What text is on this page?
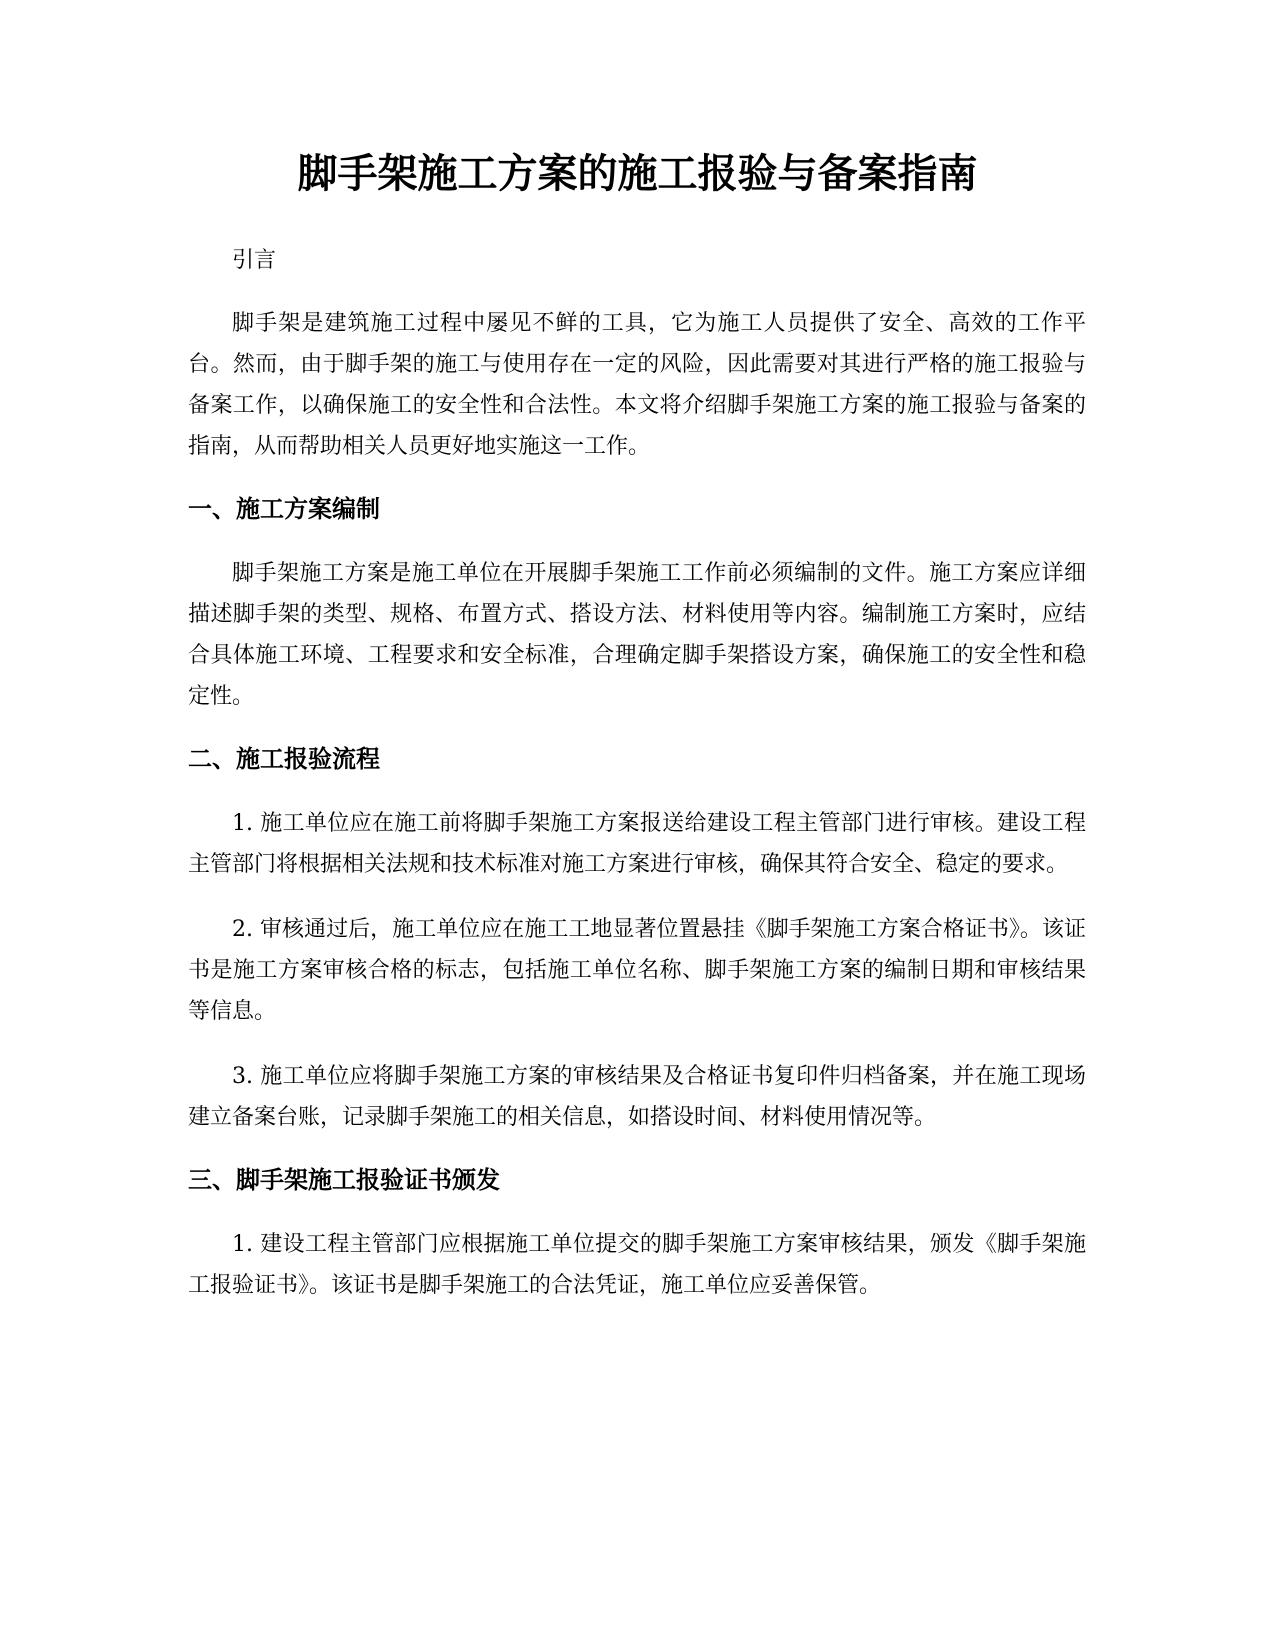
脚手架施工方案的施工报验与备案指南

引言

脚手架是建筑施工过程中屡见不鲜的工具，它为施工人员提供了安全、高效的工作平台。然而，由于脚手架的施工与使用存在一定的风险，因此需要对其进行严格的施工报验与备案工作，以确保施工的安全性和合法性。本文将介绍脚手架施工方案的施工报验与备案的指南，从而帮助相关人员更好地实施这一工作。

一、施工方案编制

脚手架施工方案是施工单位在开展脚手架施工工作前必须编制的文件。施工方案应详细描述脚手架的类型、规格、布置方式、搭设方法、材料使用等内容。编制施工方案时，应结合具体施工环境、工程要求和安全标准，合理确定脚手架搭设方案，确保施工的安全性和稳定性。

二、施工报验流程

1. 施工单位应在施工前将脚手架施工方案报送给建设工程主管部门进行审核。建设工程主管部门将根据相关法规和技术标准对施工方案进行审核，确保其符合安全、稳定的要求。

2. 审核通过后，施工单位应在施工工地显著位置悬挂《脚手架施工方案合格证书》。该证书是施工方案审核合格的标志，包括施工单位名称、脚手架施工方案的编制日期和审核结果等信息。

3. 施工单位应将脚手架施工方案的审核结果及合格证书复印件归档备案，并在施工现场建立备案台账，记录脚手架施工的相关信息，如搭设时间、材料使用情况等。

三、脚手架施工报验证书颁发

1. 建设工程主管部门应根据施工单位提交的脚手架施工方案审核结果，颁发《脚手架施工报验证书》。该证书是脚手架施工的合法凭证，施工单位应妥善保管。
